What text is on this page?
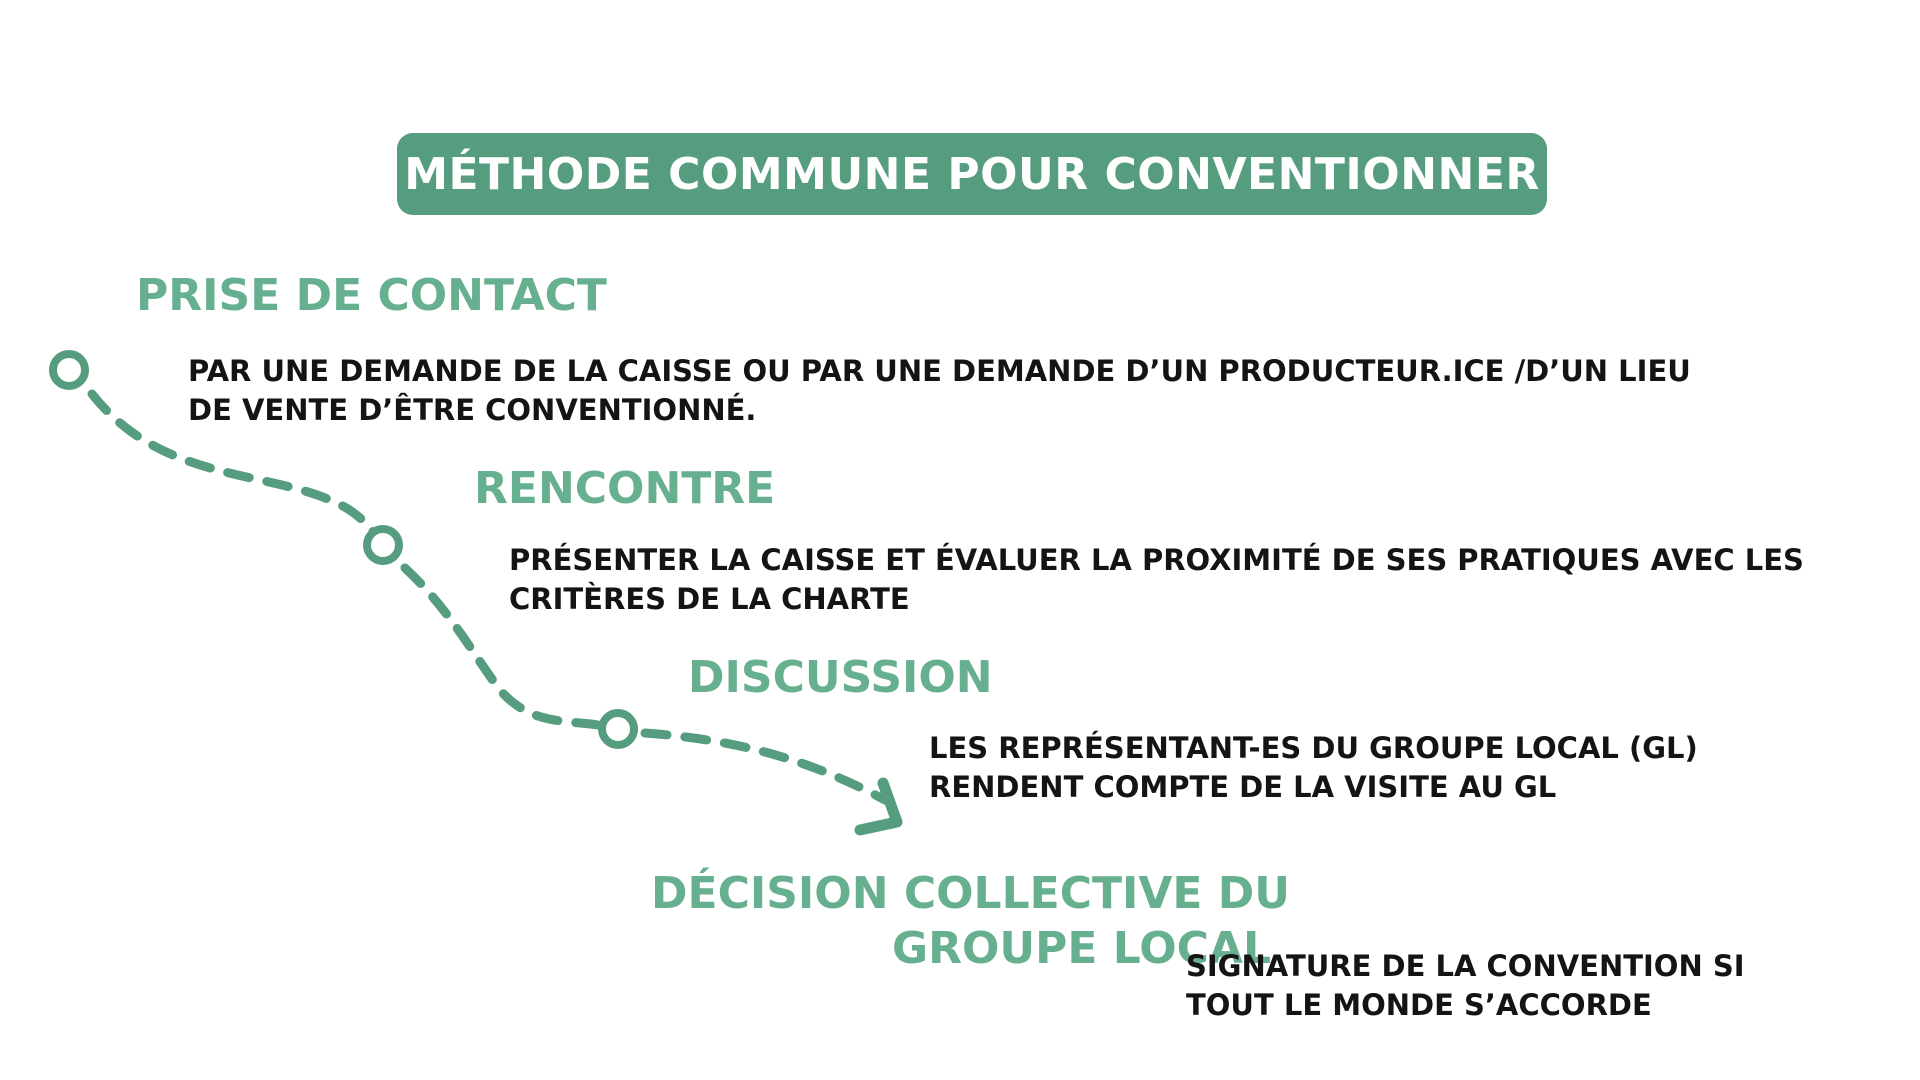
MÉTHODE COMMUNE POUR CONVENTIONNER
PRISE DE CONTACT
PAR UNE DEMANDE DE LA CAISSE OU PAR UNE DEMANDE D’UN PRODUCTEUR.ICE /D’UN LIEU
DE VENTE D’ÊTRE CONVENTIONNÉ.
RENCONTRE
PRÉSENTER LA CAISSE ET ÉVALUER LA PROXIMITÉ DE SES PRATIQUES AVEC LES
CRITÈRES DE LA CHARTE
DISCUSSION
LES REPRÉSENTANT-ES DU GROUPE LOCAL (GL)
RENDENT COMPTE DE LA VISITE AU GL
DÉCISION COLLECTIVE DU
GROUPE LOCAL
SIGNATURE DE LA CONVENTION SI
TOUT LE MONDE S’ACCORDE
